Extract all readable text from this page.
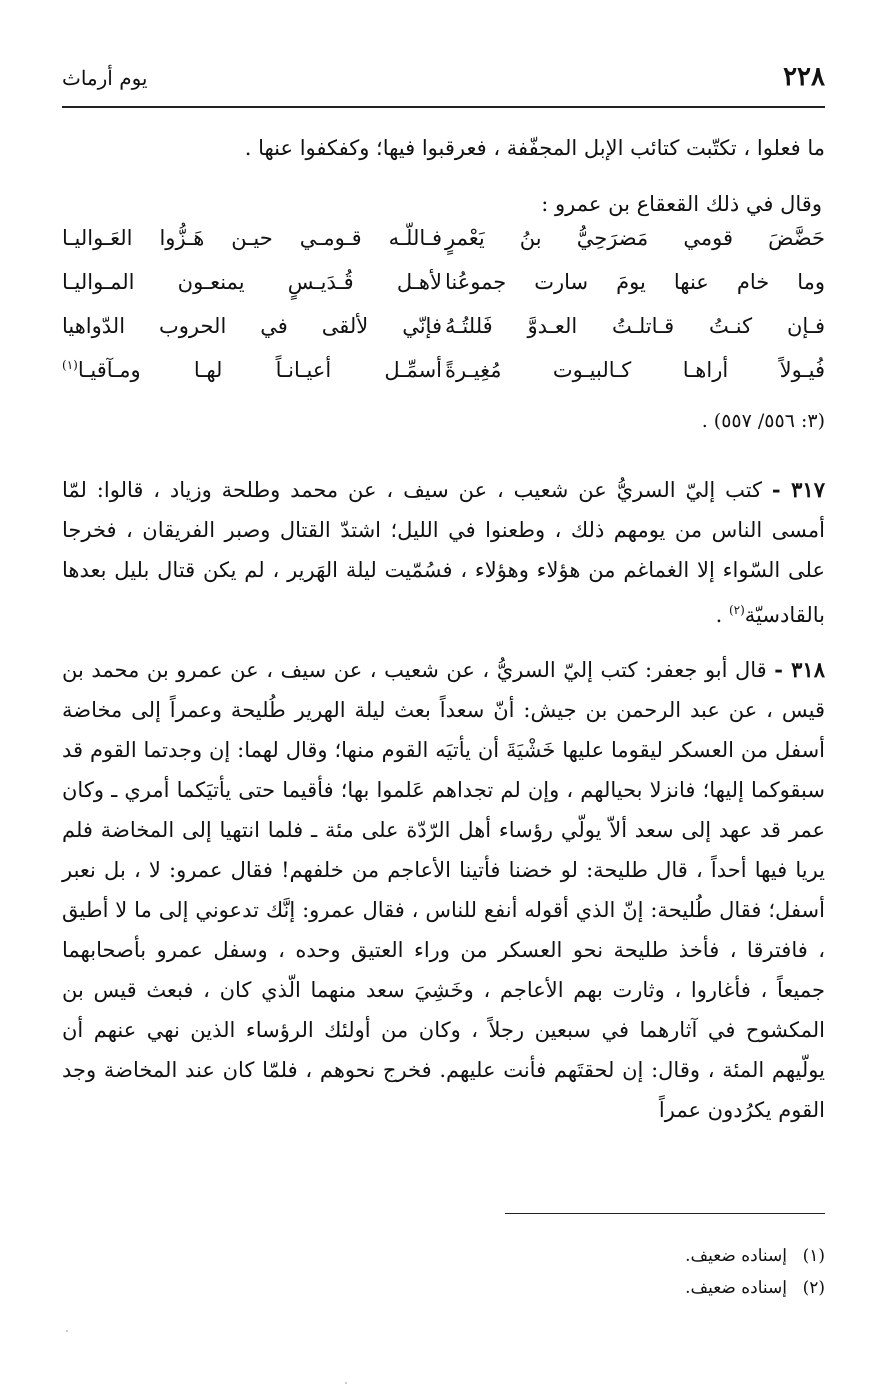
٢٢٨
يوم أرماث
ما فعلوا ، تكتّبت كتائب الإبل المجفّفة ، فعرقبوا فيها؛ وكفكفوا عنها .
وقال في ذلك القعقاع بن عمرو :
حَضَّضَ قومي مَضرَحِيُّ بنُ يَعْمرٍ
فـاللّـه قـومـي حيـن هَـزُّوا العَـواليـا
وما خام عنها يومَ سارت جموعُنا
لأهـل قُـدَيـسٍ يمنعـون المـواليـا
فـإن كنـتُ قـاتلـتُ العـدوَّ فَللتُـهُ
فإنّي لألقى في الحروب الدّواهيا
فُيـولاً أراهـا كـالبيـوت مُغِيـرةً
أسمِّـل أعيـانـاً لهـا ومـآقيـا$^{(١)}$
(٣: ٥٥٦/ ٥٥٧) .
٣١٧ - كتب إليّ السريُّ عن شعيب ، عن سيف ، عن محمد وطلحة وزياد ، قالوا: لمّا أمسى الناس من يومهم ذلك ، وطعنوا في الليل؛ اشتدّ القتال وصبر الفريقان ، فخرجا على السّواء إلا الغماغم من هؤلاء وهؤلاء ، فسُمّيت ليلة الهَرير ، لم يكن قتال بليل بعدها بالقادسيّة$^{(٢)}$ .
٣١٨ - قال أبو جعفر: كتب إليّ السريُّ ، عن شعيب ، عن سيف ، عن عمرو بن محمد بن قيس ، عن عبد الرحمن بن جيش: أنّ سعداً بعث ليلة الهرير طُليحة وعمراً إلى مخاضة أسفل من العسكر ليقوما عليها خَشْيَةَ أن يأتيَه القوم منها؛ وقال لهما: إن وجدتما القوم قد سبقوكما إليها؛ فانزلا بحيالهم ، وإن لم تجداهم عَلموا بها؛ فأقيما حتى يأتيَكما أمري ـ وكان عمر قد عهد إلى سعد ألاّ يولّي رؤساء أهل الرّدّة على مئة ـ فلما انتهيا إلى المخاضة فلم يريا فيها أحداً ، قال طليحة: لو خضنا فأتينا الأعاجم من خلفهم! فقال عمرو: لا ، بل نعبر أسفل؛ فقال طُليحة: إنّ الذي أقوله أنفع للناس ، فقال عمرو: إنَّك تدعوني إلى ما لا أطيق ، فافترقا ، فأخذ طليحة نحو العسكر من وراء العتيق وحده ، وسفل عمرو بأصحابهما جميعاً ، فأغاروا ، وثارت بهم الأعاجم ، وخَشِيَ سعد منهما الّذي كان ، فبعث قيس بن المكشوح في آثارهما في سبعين رجلاً ، وكان من أولئك الرؤساء الذين نهي عنهم أن يولّيهم المئة ، وقال: إن لحقتَهم فأنت عليهم. فخرج نحوهم ، فلمّا كان عند المخاضة وجد القوم يكرُدون عمراً
(١)إسناده ضعيف.
(٢)إسناده ضعيف.
